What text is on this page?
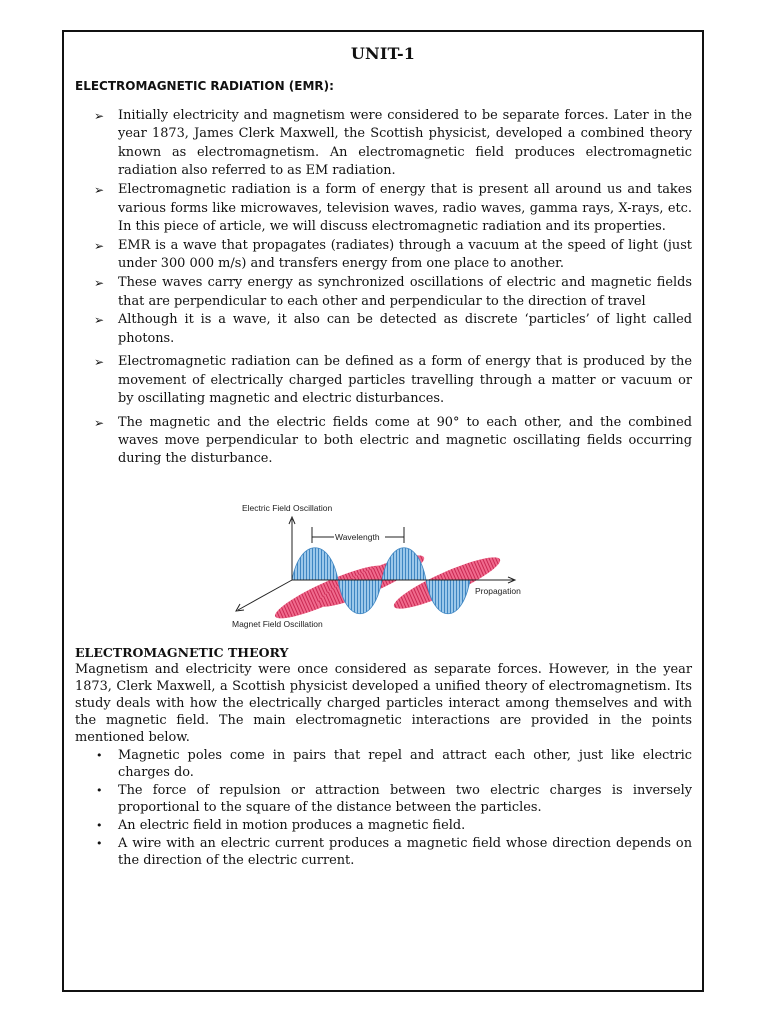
UNIT-1
ELECTROMAGNETIC RADIATION (EMR):
➢ Initially electricity and magnetism were considered to be separate forces. Later in the year 1873, James Clerk Maxwell, the Scottish physicist, developed a combined theory known as electromagnetism. An electromagnetic field produces electromagnetic radiation also referred to as EM radiation.
➢ Electromagnetic radiation is a form of energy that is present all around us and takes various forms like microwaves, television waves, radio waves, gamma rays, X-rays, etc. In this piece of article, we will discuss electromagnetic radiation and its properties.
➢ EMR is a wave that propagates (radiates) through a vacuum at the speed of light (just under 300 000 m/s) and transfers energy from one place to another.
➢ These waves carry energy as synchronized oscillations of electric and magnetic fields that are perpendicular to each other and perpendicular to the direction of travel
➢ Although it is a wave, it also can be detected as discrete ‘particles’ of light called photons.
➢ Electromagnetic radiation can be defined as a form of energy that is produced by the movement of electrically charged particles travelling through a matter or vacuum or by oscillating magnetic and electric disturbances.
➢ The magnetic and the electric fields come at 90° to each other, and the combined waves move perpendicular to both electric and magnetic oscillating fields occurring during the disturbance.
Electric Field Oscillation
Wavelength
Propagation
Magnet Field Oscillation
ELECTROMAGNETIC THEORY

Magnetism and electricity were once considered as separate forces. However, in the year 1873, Clerk Maxwell, a Scottish physicist developed a unified theory of electromagnetism. Its study deals with how the electrically charged particles interact among themselves and with the magnetic field. The main electromagnetic interactions are provided in the points mentioned below.

• Magnetic poles come in pairs that repel and attract each other, just like electric charges do.
• The force of repulsion or attraction between two electric charges is inversely proportional to the square of the distance between the particles.
• An electric field in motion produces a magnetic field.
• A wire with an electric current produces a magnetic field whose direction depends on the direction of the electric current.
